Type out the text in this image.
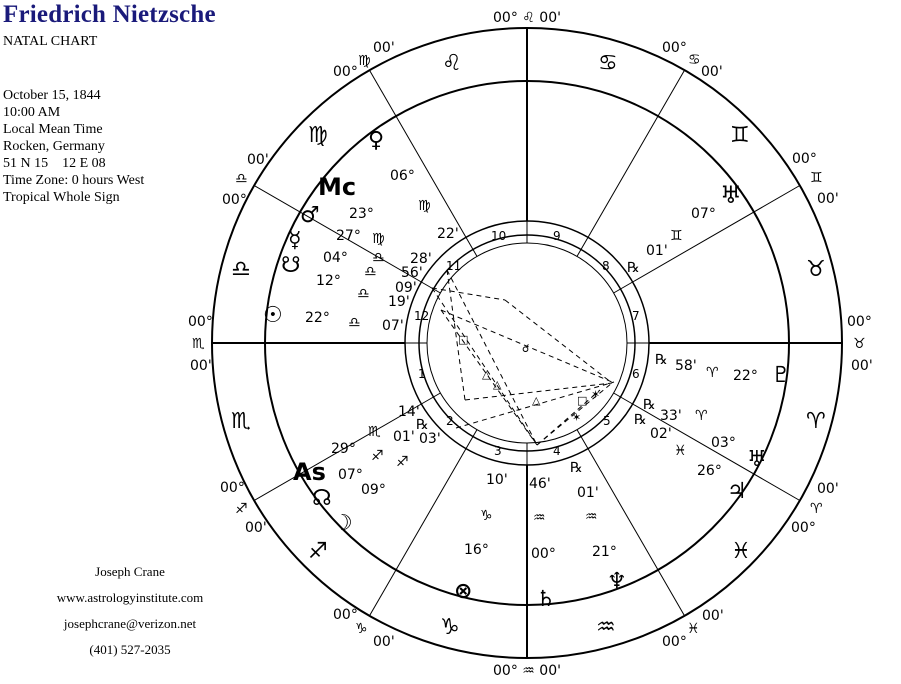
Friedrich Nietzsche
NATAL CHART
October 15, 1844
10:00 AM
Local Mean Time
Rocken, Germany
51 N 15    12 E 08
Time Zone: 0 hours West
Tropical Whole Sign
Joseph Crane
www.astrologyinstitute.com
josephcrane@verizon.net
(401) 527-2035
00° ♌ 00'
00° ♒ 00'
00°
♏
00'
00°
♉
00'
00°
♍
00'
00'
♎
00°
00°
♋
00'
00°
♊
00'
00°
♐
00'
00°
♑
00'
00'
♈
00°
00'
♓
00°
♌	♋
♊
♉
♈
♓
♒
♑
♐
♏
♎
♍
10	9
8
7
6
5
4
3
2
1
12
11
☌
□
△
△
△	□ ✶
✶
♀
06°
♍
22'
Mc
23°
♍
28'
♂
27°
♎
56'
☿
04°
♎
09'
☋
12°
♎ 19'
☉ 22° ♎ 07'
♅
07°
♊
01'
℞
♇
22°
♈
58'
℞
♅
03°
♈
33'
℞
♃
26°
♓
02'
℞
♆
21°
♒
01'
℞
♄
00°
♒
46'
⊗
16°
♑
10'
As
29°
♏
14'
☊
07°
♐
01'
℞
☽
09°
♐
03'
